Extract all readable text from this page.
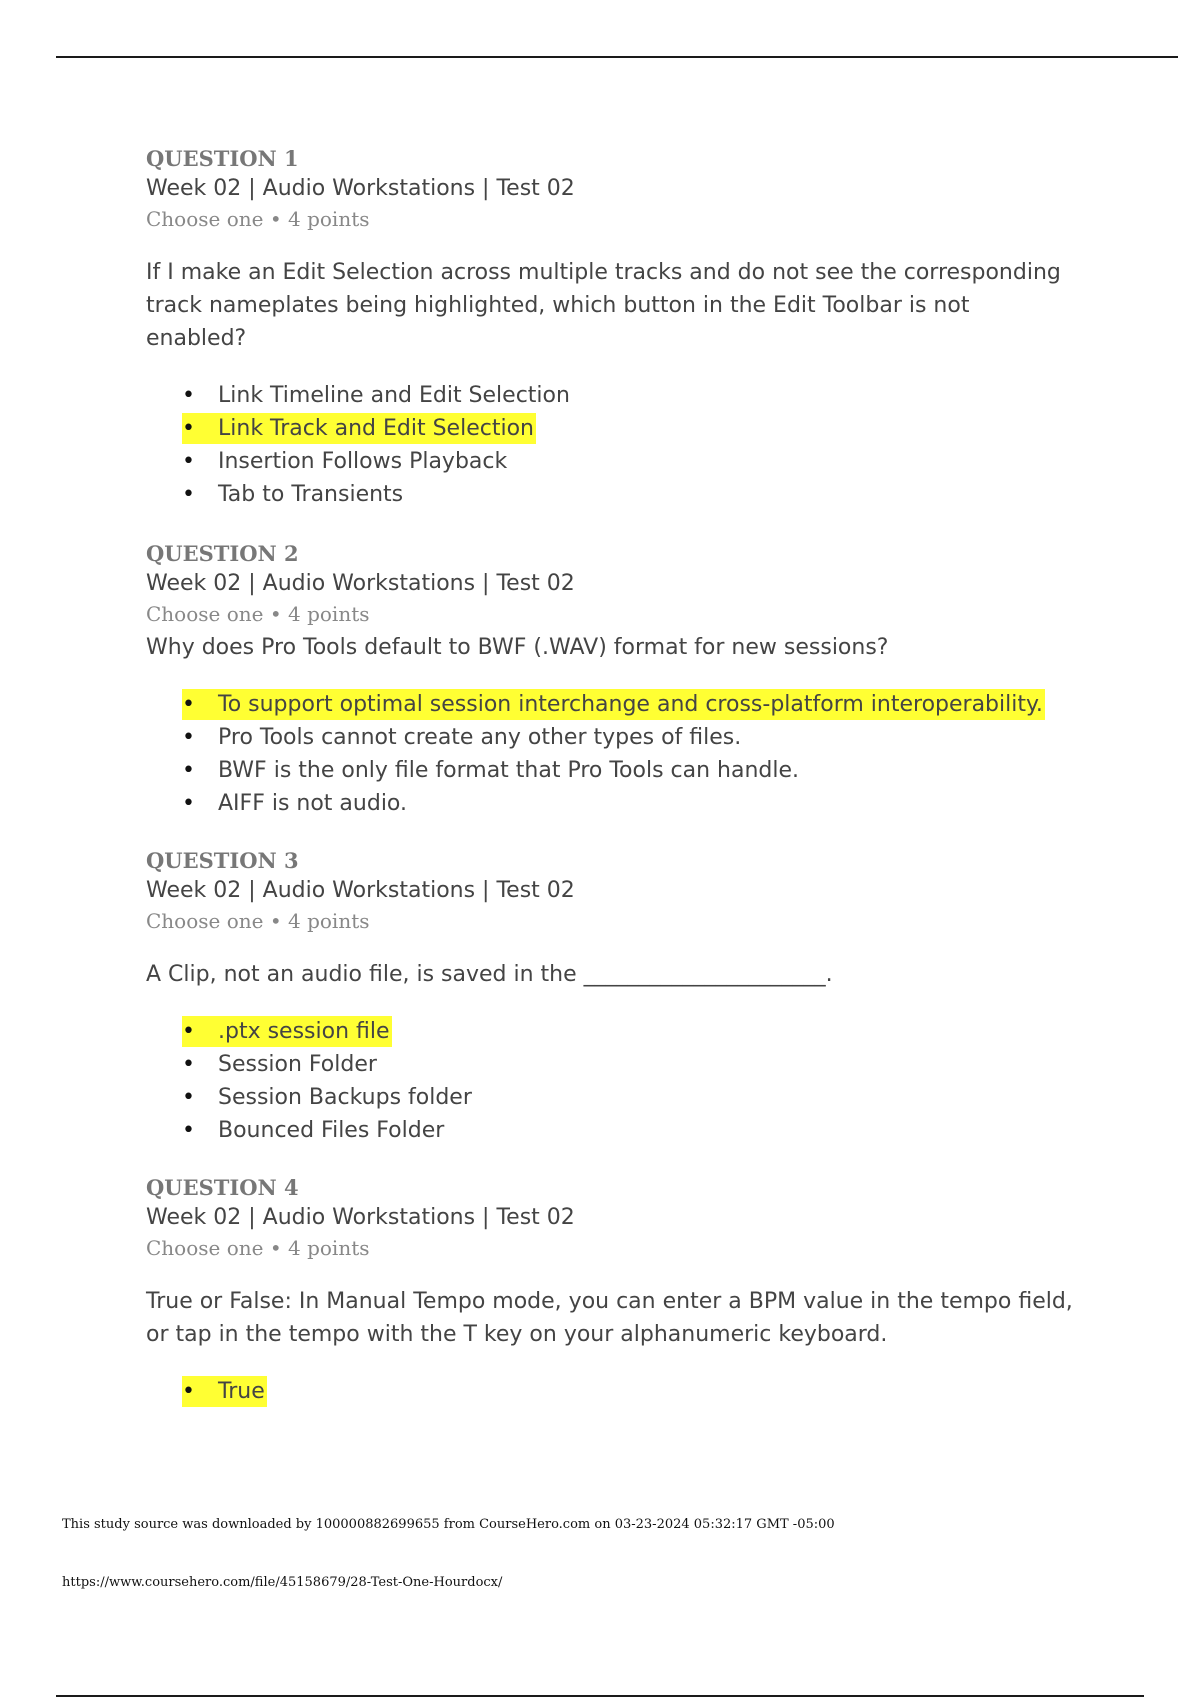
QUESTION 1
Week 02 | Audio Workstations | Test 02
Choose one • 4 points
If I make an Edit Selection across multiple tracks and do not see the corresponding track nameplates being highlighted, which button in the Edit Toolbar is not enabled?
• Link Timeline and Edit Selection
• Link Track and Edit Selection
• Insertion Follows Playback
• Tab to Transients
QUESTION 2
Week 02 | Audio Workstations | Test 02
Choose one • 4 points
Why does Pro Tools default to BWF (.WAV) format for new sessions?
• To support optimal session interchange and cross-platform interoperability.
• Pro Tools cannot create any other types of files.
• BWF is the only file format that Pro Tools can handle.
• AIFF is not audio.
QUESTION 3
Week 02 | Audio Workstations | Test 02
Choose one • 4 points
A Clip, not an audio file, is saved in the ______________________.
• .ptx session file
• Session Folder
• Session Backups folder
• Bounced Files Folder
QUESTION 4
Week 02 | Audio Workstations | Test 02
Choose one • 4 points
True or False: In Manual Tempo mode, you can enter a BPM value in the tempo field, or tap in the tempo with the T key on your alphanumeric keyboard.
• True
This study source was downloaded by 100000882699655 from CourseHero.com on 03-23-2024 05:32:17 GMT -05:00
https://www.coursehero.com/file/45158679/28-Test-One-Hourdocx/
